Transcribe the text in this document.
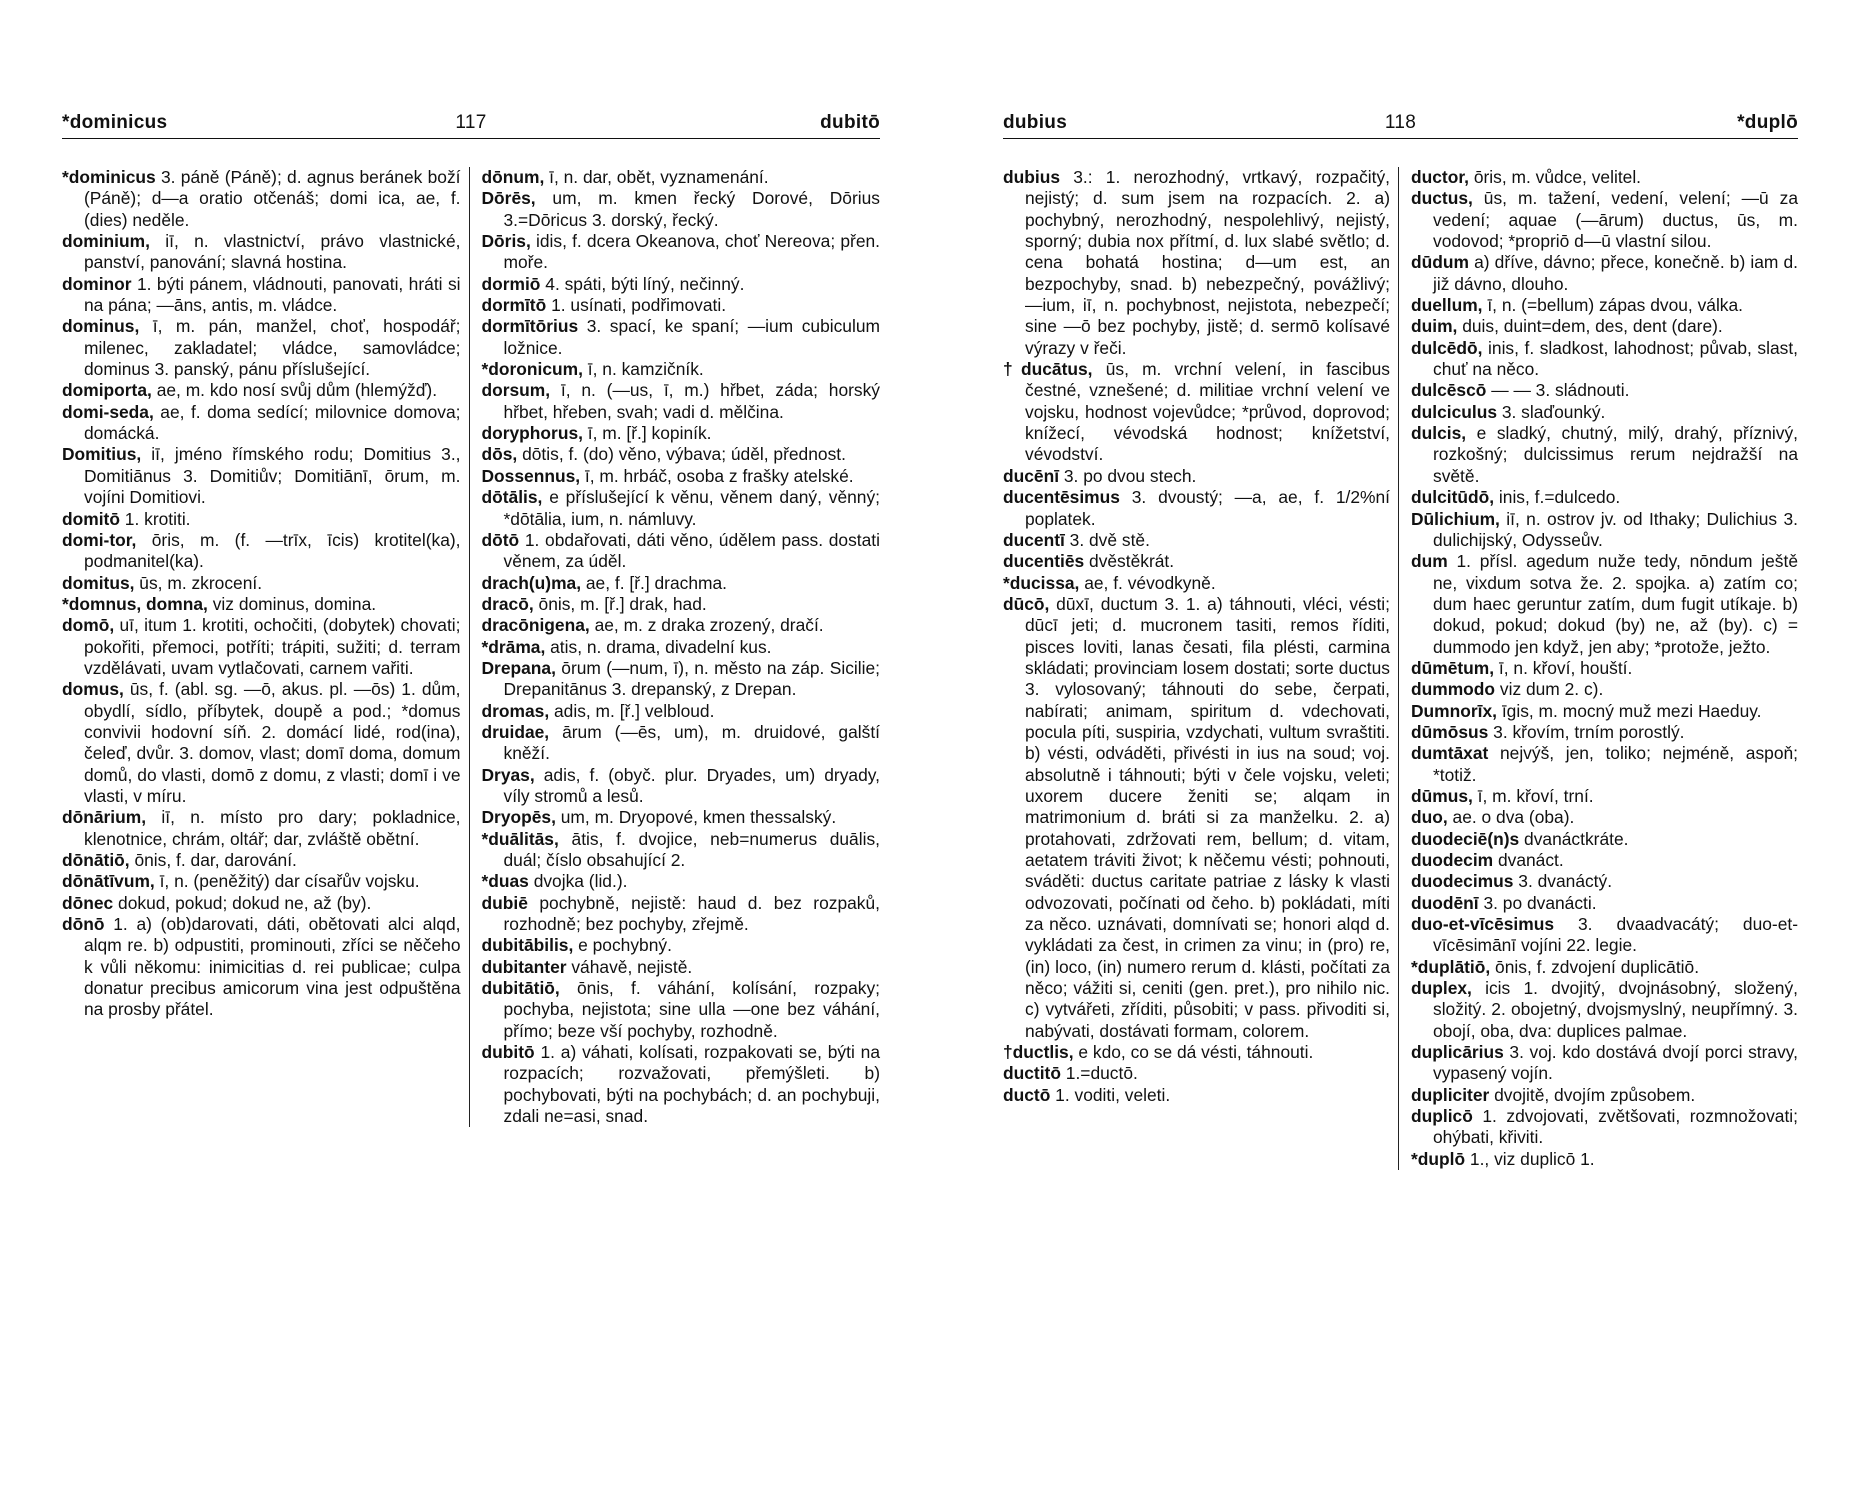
*dominicus	117	dubitō

*dominicus 3. páně (Páně); d. agnus beránek boží (Páně); d—a oratio otčenáš; domi ica, ae, f. (dies) neděle.

dominium, iī, n. vlastnictví, právo vlastnické, panství, panování; slavná hostina.

dominor 1. býti pánem, vládnouti, panovati, hráti si na pána; —āns, antis, m. vládce.

dominus, ī, m. pán, manžel, choť, hospodář; milenec, zakladatel; vládce, samovládce; dominus 3. panský, pánu příslušející.

domiporta, ae, m. kdo nosí svůj dům (hlemýžď).

domi-seda, ae, f. doma sedící; milovnice domova; domácká.

Domitius, iī, jméno římského rodu; Domitius 3., Domitiānus 3. Domitiův; Domitiānī, ōrum, m. vojíni Domitiovi.

domitō 1. krotiti.

domi-tor, ōris, m. (f. —trīx, īcis) krotitel(ka), podmanitel(ka).

domitus, ūs, m. zkrocení.

*domnus, domna, viz dominus, domina.

domō, uī, itum 1. krotiti, ochočiti, (dobytek) chovati; pokořiti, přemoci, potříti; trápiti, sužiti; d. terram vzdělávati, uvam vytlačovati, carnem vařiti.

domus, ūs, f. (abl. sg. —ō, akus. pl. —ōs) 1. dům, obydlí, sídlo, příbytek, doupě a pod.; *domus convivii hodovní síň. 2. domácí lidé, rod(ina), čeleď, dvůr. 3. domov, vlast; domī doma, domum domů, do vlasti, domō z domu, z vlasti; domī i ve vlasti, v míru.

dōnārium, iī, n. místo pro dary; pokladnice, klenotnice, chrám, oltář; dar, zvláště obětní.

dōnātiō, ōnis, f. dar, darování.

dōnātīvum, ī, n. (peněžitý) dar císařův vojsku.

dōnec dokud, pokud; dokud ne, až (by).

dōnō 1. a) (ob)darovati, dáti, obětovati alci alqd, alqm re. b) odpustiti, prominouti, zříci se něčeho k vůli někomu: inimicitias d. rei publicae; culpa donatur precibus amicorum vina jest odpuštěna na prosby přátel.

dōnum, ī, n. dar, obět, vyznamenání.

Dōrēs, um, m. kmen řecký Dorové, Dōrius 3.=Dōricus 3. dorský, řecký.

Dōris, idis, f. dcera Okeanova, choť Nereova; přen. moře.

dormiō 4. spáti, býti líný, nečinný.

dormītō 1. usínati, podřimovati.

dormītōrius 3. spací, ke spaní; —ium cubiculum ložnice.

*doronicum, ī, n. kamzičník.

dorsum, ī, n. (—us, ī, m.) hřbet, záda; horský hřbet, hřeben, svah; vadi d. mělčina.

doryphorus, ī, m. [ř.] kopiník.

dōs, dōtis, f. (do) věno, výbava; úděl, přednost.

Dossennus, ī, m. hrbáč, osoba z frašky atelské.

dōtālis, e příslušející k věnu, věnem daný, věnný; *dōtālia, ium, n. námluvy.

dōtō 1. obdařovati, dáti věno, údělem pass. dostati věnem, za úděl.

drach(u)ma, ae, f. [ř.] drachma.

dracō, ōnis, m. [ř.] drak, had.

dracōnigena, ae, m. z draka zrozený, dračí.

*drāma, atis, n. drama, divadelní kus.

Drepana, ōrum (—num, ī), n. město na záp. Sicilie; Drepanitānus 3. drepanský, z Drepan.

dromas, adis, m. [ř.] velbloud.

druidae, ārum (—ēs, um), m. druidové, galští kněží.

Dryas, adis, f. (obyč. plur. Dryades, um) dryady, víly stromů a lesů.

Dryopēs, um, m. Dryopové, kmen thessalský.

*duālitās, ātis, f. dvojice, neb=numerus duālis, duál; číslo obsahující 2.

*duas dvojka (lid.).

dubiē pochybně, nejistě: haud d. bez rozpaků, rozhodně; bez pochyby, zřejmě.

dubitābilis, e pochybný.

dubitanter váhavě, nejistě.

dubitātiō, ōnis, f. váhání, kolísání, rozpaky; pochyba, nejistota; sine ulla —one bez váhání, přímo; beze vší pochyby, rozhodně.

dubitō 1. a) váhati, kolísati, rozpakovati se, býti na rozpacích; rozvažovati, přemýšleti. b) pochybovati, býti na pochybách; d. an pochybuji, zdali ne=asi, snad.

dubius	118	*duplō

dubius 3.: 1. nerozhodný, vrtkavý, rozpačitý, nejistý; d. sum jsem na rozpacích. 2. a) pochybný, nerozhodný, nespolehlivý, nejistý, sporný; dubia nox přítmí, d. lux slabé světlo; d. cena bohatá hostina; d—um est, an bezpochyby, snad. b) nebezpečný, povážlivý; —ium, iī, n. pochybnost, nejistota, nebezpečí; sine —ō bez pochyby, jistě; d. sermō kolísavé výrazy v řeči.

†ducātus, ūs, m. vrchní velení, in fascibus čestné, vznešené; d. militiae vrchní velení ve vojsku, hodnost vojevůdce; *průvod, doprovod; knížecí, vévodská hodnost; knížetství, vévodství.

ducēnī 3. po dvou stech.

ducentēsimus 3. dvoustý; —a, ae, f. 1/2%ní poplatek.

ducentī 3. dvě stě.

ducentiēs dvěstěkrát.

*ducissa, ae, f. vévodkyně.

dūcō, dūxī, ductum 3. 1. a) táhnouti, vléci, vésti; dūcī jeti; d. mucronem tasiti, remos říditi, pisces loviti, lanas česati, fila plésti, carmina skládati; provinciam losem dostati; sorte ductus 3. vylosovaný; táhnouti do sebe, čerpati, nabírati; animam, spiritum d. vdechovati, pocula píti, suspiria, vzdychati, vultum svraštiti. b) vésti, odváděti, přivésti in ius na soud; voj. absolutně i táhnouti; býti v čele vojsku, veleti; uxorem ducere ženiti se; alqam in matrimonium d. bráti si za manželku. 2. a) protahovati, zdržovati rem, bellum; d. vitam, aetatem tráviti život; k něčemu vésti; pohnouti, sváděti: ductus caritate patriae z lásky k vlasti odvozovati, počínati od čeho. b) pokládati, míti za něco. uznávati, domnívati se; honori alqd d. vykládati za čest, in crimen za vinu; in (pro) re, (in) loco, (in) numero rerum d. klásti, počítati za něco; vážiti si, ceniti (gen. pret.), pro nihilo nic. c) vytvářeti, zříditi, působiti; v pass. přivoditi si, nabývati, dostávati formam, colorem.

†ductlis, e kdo, co se dá vésti, táhnouti.

ductitō 1.=ductō.

ductō 1. voditi, veleti.

ductor, ōris, m. vůdce, velitel.

ductus, ūs, m. tažení, vedení, velení; —ū za vedení; aquae (—ārum) ductus, ūs, m. vodovod; *propriō d—ū vlastní silou.

dūdum a) dříve, dávno; přece, konečně. b) iam d. již dávno, dlouho.

duellum, ī, n. (=bellum) zápas dvou, válka.

duim, duis, duint=dem, des, dent (dare).

dulcēdō, inis, f. sladkost, lahodnost; půvab, slast, chuť na něco.

dulcēscō — — 3. sládnouti.

dulciculus 3. slaďounký.

dulcis, e sladký, chutný, milý, drahý, příznivý, rozkošný; dulcissimus rerum nejdražší na světě.

dulcitūdō, inis, f.=dulcedo.

Dūlichium, iī, n. ostrov jv. od Ithaky; Dulichius 3. dulichijský, Odysseův.

dum 1. přísl. agedum nuže tedy, nōndum ještě ne, vixdum sotva že. 2. spojka. a) zatím co; dum haec geruntur zatím, dum fugit utíkaje. b) dokud, pokud; dokud (by) ne, až (by). c) = dummodo jen když, jen aby; *protože, ježto.

dūmētum, ī, n. křoví, houští.

dummodo viz dum 2. c).

Dumnorīx, īgis, m. mocný muž mezi Haeduy.

dūmōsus 3. křovím, trním porostlý.

dumtāxat nejvýš, jen, toliko; nejméně, aspoň; *totiž.

dūmus, ī, m. křoví, trní.

duo, ae. o dva (oba).

duodeciē(n)s dvanáctkráte.

duodecim dvanáct.

duodecimus 3. dvanáctý.

duodēnī 3. po dvanácti.

duo-et-vīcēsimus 3. dvaadvacátý; duo-et-vīcēsimānī vojíni 22. legie.

*duplātiō, ōnis, f. zdvojení duplicātiō.

duplex, icis 1. dvojitý, dvojnásobný, složený, složitý. 2. obojetný, dvojsmyslný, neupřímný. 3. obojí, oba, dva: duplices palmae.

duplicārius 3. voj. kdo dostává dvojí porci stravy, vypasený vojín.

dupliciter dvojitě, dvojím způsobem.

duplicō 1. zdvojovati, zvětšovati, rozmnožovati; ohýbati, křiviti.

*duplō 1., viz duplicō 1.
